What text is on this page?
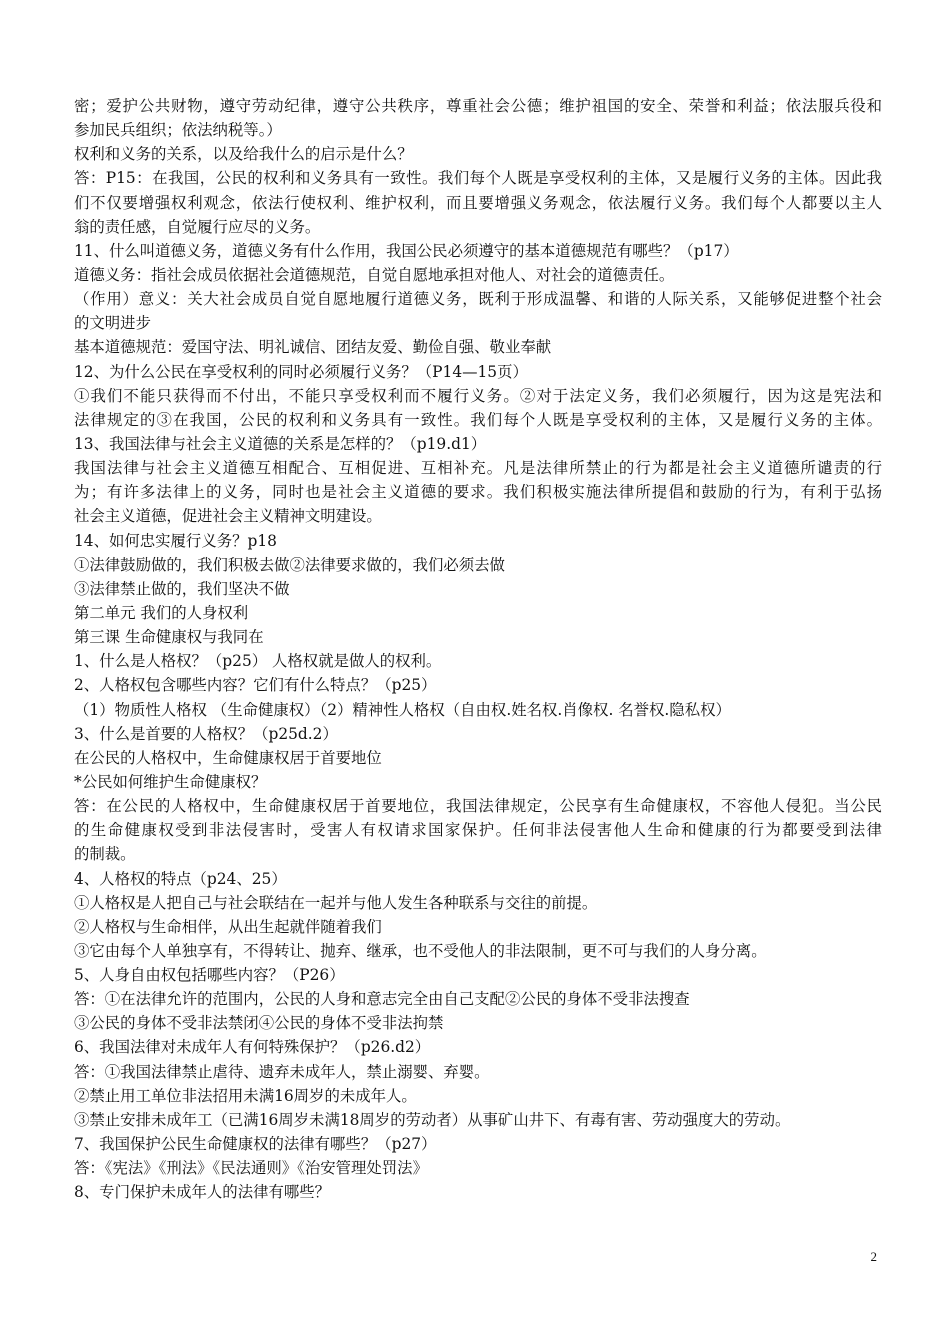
密；爱护公共财物，遵守劳动纪律，遵守公共秩序，尊重社会公德；维护祖国的安全、荣誉和利益；依法服兵役和
参加民兵组织；依法纳税等。）
权利和义务的关系，以及给我什么的启示是什么？
答：P15：在我国，公民的权利和义务具有一致性。我们每个人既是享受权利的主体，又是履行义务的主体。因此我
们不仅要增强权利观念，依法行使权利、维护权利，而且要增强义务观念，依法履行义务。我们每个人都要以主人
翁的责任感，自觉履行应尽的义务。
11、什么叫道德义务，道德义务有什么作用，我国公民必须遵守的基本道德规范有哪些？（p17）
道德义务：指社会成员依据社会道德规范，自觉自愿地承担对他人、对社会的道德责任。
（作用）意义：关大社会成员自觉自愿地履行道德义务，既利于形成温馨、和谐的人际关系，又能够促进整个社会
的文明进步
基本道德规范：爱国守法、明礼诚信、团结友爱、勤俭自强、敬业奉献
12、为什么公民在享受权利的同时必须履行义务？（P14—15页）
①我们不能只获得而不付出，不能只享受权利而不履行义务。②对于法定义务，我们必须履行，因为这是宪法和
法律规定的③在我国，公民的权利和义务具有一致性。我们每个人既是享受权利的主体，又是履行义务的主体。
13、我国法律与社会主义道德的关系是怎样的？（p19.d1）
我国法律与社会主义道德互相配合、互相促进、互相补充。凡是法律所禁止的行为都是社会主义道德所谴责的行
为；有许多法律上的义务，同时也是社会主义道德的要求。我们积极实施法律所提倡和鼓励的行为，有利于弘扬
社会主义道德，促进社会主义精神文明建设。
14、如何忠实履行义务？p18
①法律鼓励做的，我们积极去做②法律要求做的，我们必须去做
③法律禁止做的，我们坚决不做
第二单元 我们的人身权利
第三课 生命健康权与我同在
1、什么是人格权？（p25） 人格权就是做人的权利。
2、人格权包含哪些内容？它们有什么特点？（p25）
（1）物质性人格权 （生命健康权）（2）精神性人格权（自由权.姓名权.肖像权. 名誉权.隐私权）
3、什么是首要的人格权？（p25d.2）
在公民的人格权中，生命健康权居于首要地位
*公民如何维护生命健康权？
答：在公民的人格权中，生命健康权居于首要地位，我国法律规定，公民享有生命健康权，不容他人侵犯。当公民
的生命健康权受到非法侵害时，受害人有权请求国家保护。任何非法侵害他人生命和健康的行为都要受到法律
的制裁。
4、人格权的特点（p24、25）
①人格权是人把自己与社会联结在一起并与他人发生各种联系与交往的前提。
②人格权与生命相伴，从出生起就伴随着我们
③它由每个人单独享有，不得转让、抛弃、继承，也不受他人的非法限制，更不可与我们的人身分离。
5、人身自由权包括哪些内容？（P26）
答：①在法律允许的范围内，公民的人身和意志完全由自己支配②公民的身体不受非法搜查
③公民的身体不受非法禁闭④公民的身体不受非法拘禁
6、我国法律对未成年人有何特殊保护？（p26.d2）
答：①我国法律禁止虐待、遗弃未成年人，禁止溺婴、弃婴。
②禁止用工单位非法招用未满16周岁的未成年人。
③禁止安排未成年工（已满16周岁未满18周岁的劳动者）从事矿山井下、有毒有害、劳动强度大的劳动。
7、我国保护公民生命健康权的法律有哪些？（p27）
答：《宪法》《刑法》《民法通则》《治安管理处罚法》
8、专门保护未成年人的法律有哪些？
2
